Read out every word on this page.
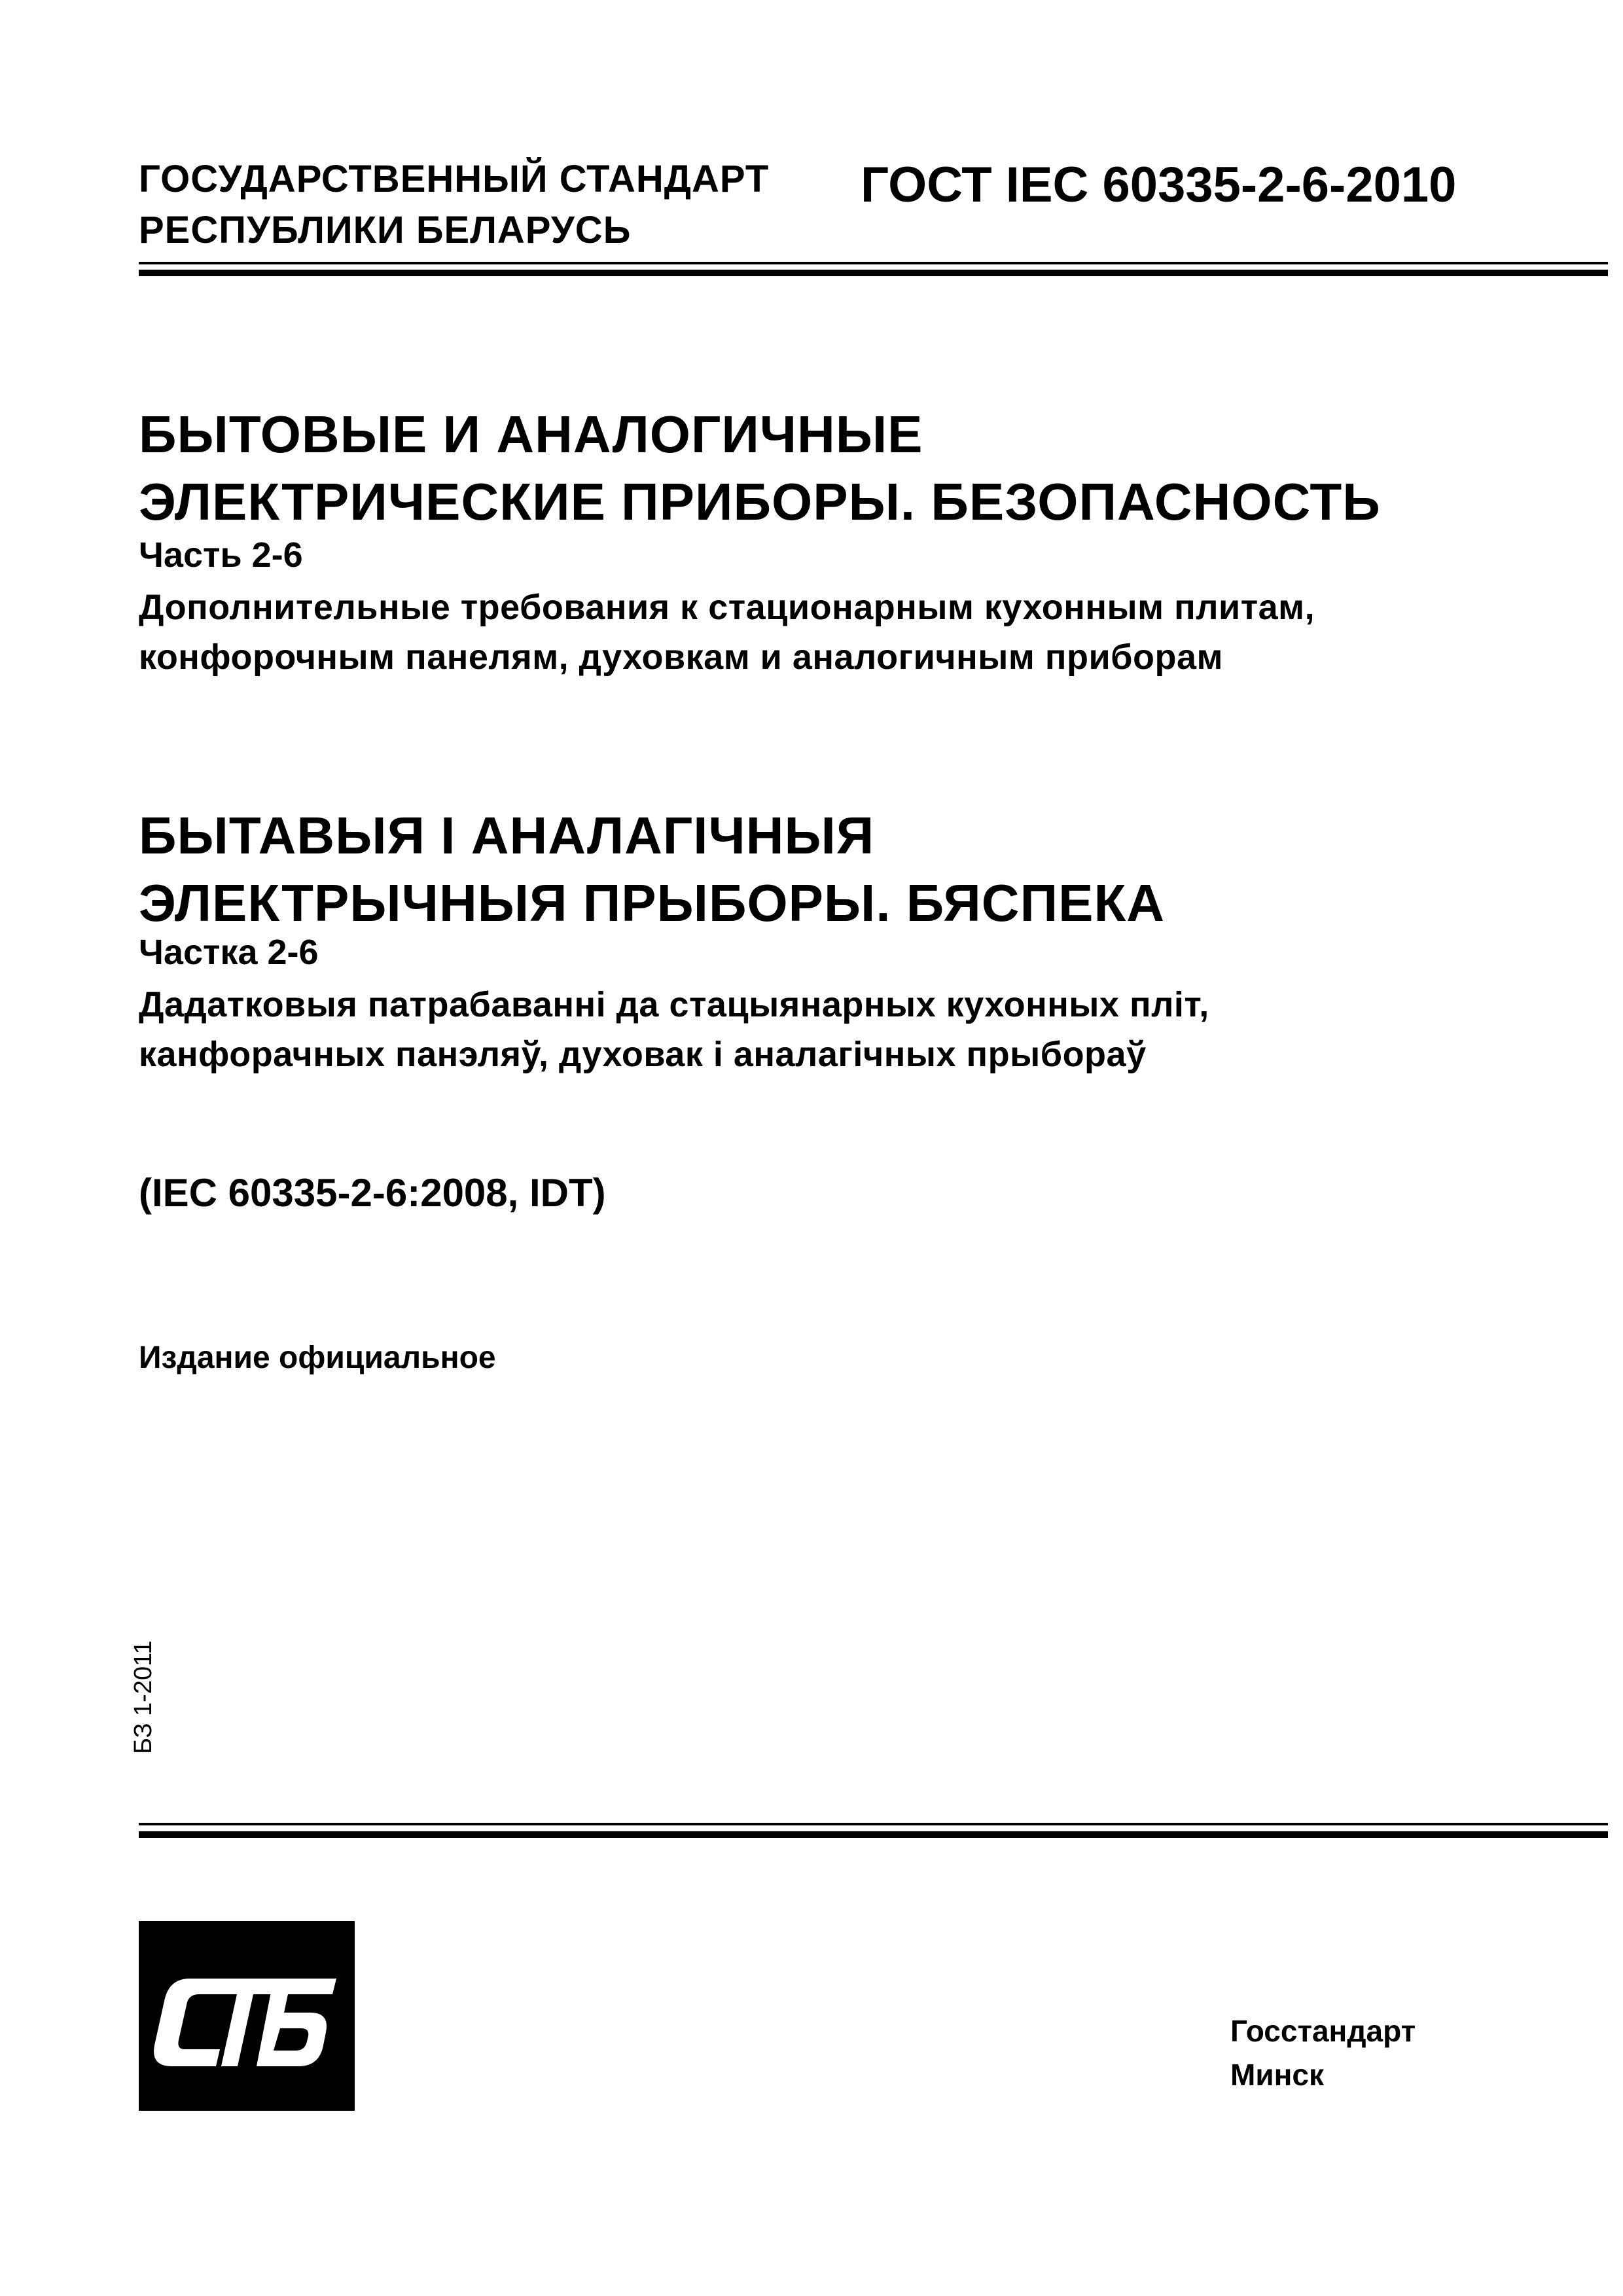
ГОСУДАРСТВЕННЫЙ СТАНДАРТ
РЕСПУБЛИКИ БЕЛАРУСЬ
ГОСТ IEC 60335-2-6-2010
БЫТОВЫЕ И АНАЛОГИЧНЫЕ
ЭЛЕКТРИЧЕСКИЕ ПРИБОРЫ. БЕЗОПАСНОСТЬ
Часть 2-6
Дополнительные требования к стационарным кухонным плитам,
конфорочным панелям, духовкам и аналогичным приборам
БЫТАВЫЯ І АНАЛАГІЧНЫЯ
ЭЛЕКТРЫЧНЫЯ ПРЫБОРЫ. БЯСПЕКА
Частка 2-6
Дадатковыя патрабаванні да стацыянарных кухонных пліт,
канфорачных панэляў, духовак і аналагічных прыбораў
(IEC 60335-2-6:2008, IDT)
Издание официальное
БЗ 1-2011
Госстандарт
Минск
